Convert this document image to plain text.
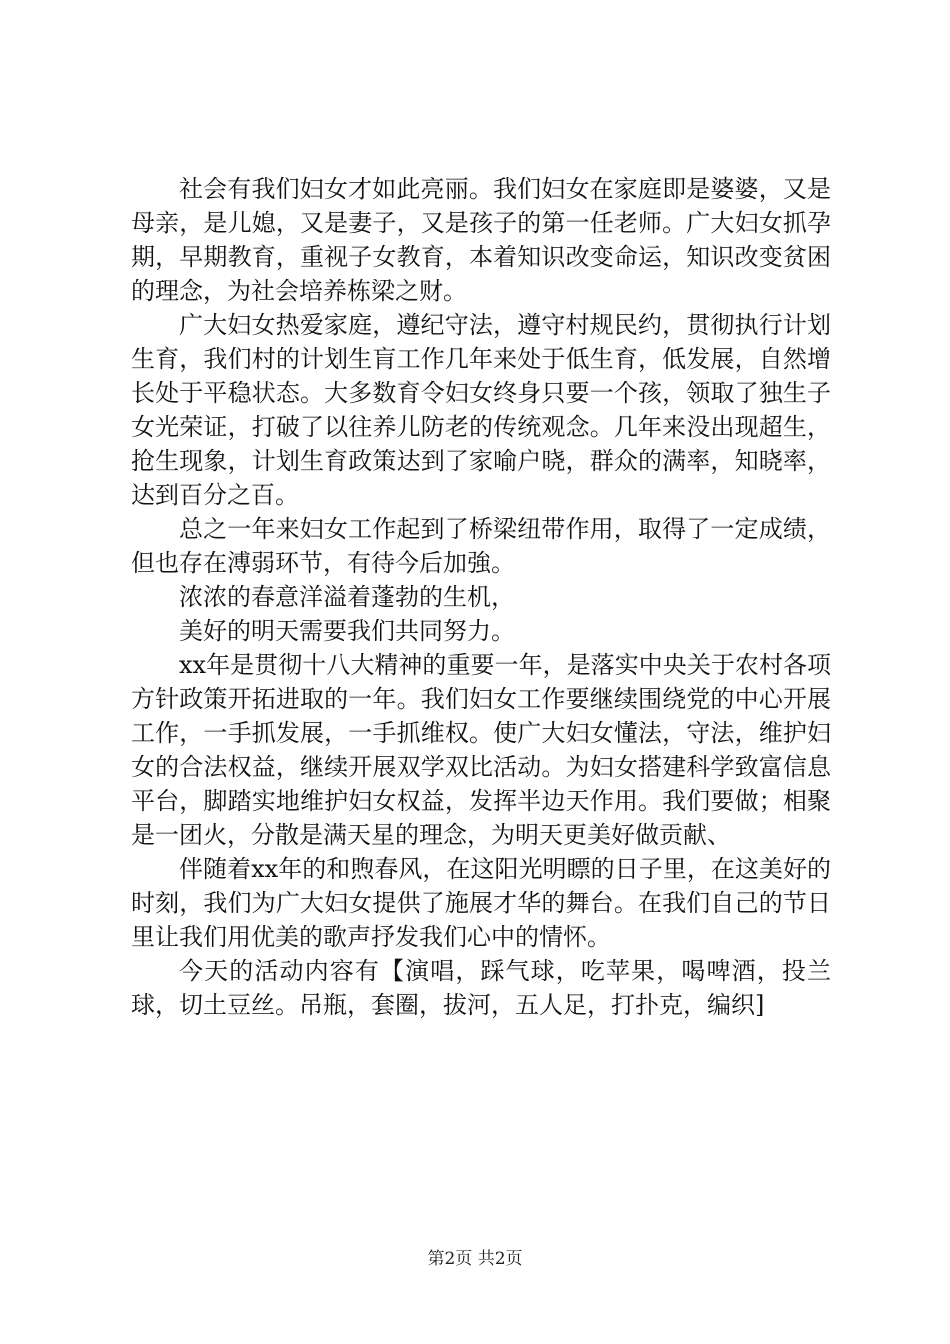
社会有我们妇女才如此亮丽。我们妇女在家庭即是婆婆，又是母亲，是儿媳，又是妻子，又是孩子的第一任老师。广大妇女抓孕期，早期教育，重视子女教育，本着知识改变命运，知识改变贫困的理念，为社会培养栋梁之财。

广大妇女热爱家庭，遵纪守法，遵守村规民约，贯彻执行计划生育，我们村的计划生肓工作几年来处于低生育，低发展，自然增长处于平稳状态。大多数育令妇女终身只要一个孩，领取了独生子女光荣证，打破了以往养儿防老的传统观念。几年来没出现超生，抢生现象，计划生育政策达到了家喻户晓，群众的满率，知晓率，达到百分之百。

总之一年来妇女工作起到了桥梁纽带作用，取得了一定成绩，但也存在溥弱环节，有待今后加強。

浓浓的春意洋溢着蓬勃的生机，

美好的明天需要我们共同努力。

xx年是贯彻十八大精神的重要一年，是落实中央关于农村各项方针政策开拓进取的一年。我们妇女工作要继续围绕党的中心开展工作，一手抓发展，一手抓维权。使广大妇女懂法，守法，维护妇女的合法权益，继续开展双学双比活动。为妇女搭建科学致富信息平台，脚踏实地维护妇女权益，发挥半边天作用。我们要做；相聚是一团火，分散是满天星的理念，为明天更美好做贡献、

伴随着xx年的和煦春风，在这阳光明瞟的日子里，在这美好的时刻，我们为广大妇女提供了施展才华的舞台。在我们自己的节日里让我们用优美的歌声抒发我们心中的情怀。

今天的活动内容有【演唱，踩气球，吃苹果，喝啤酒，投兰球，切土豆丝。吊瓶，套圈，拔河，五人足，打扑克，编织]

第2页 共2页
